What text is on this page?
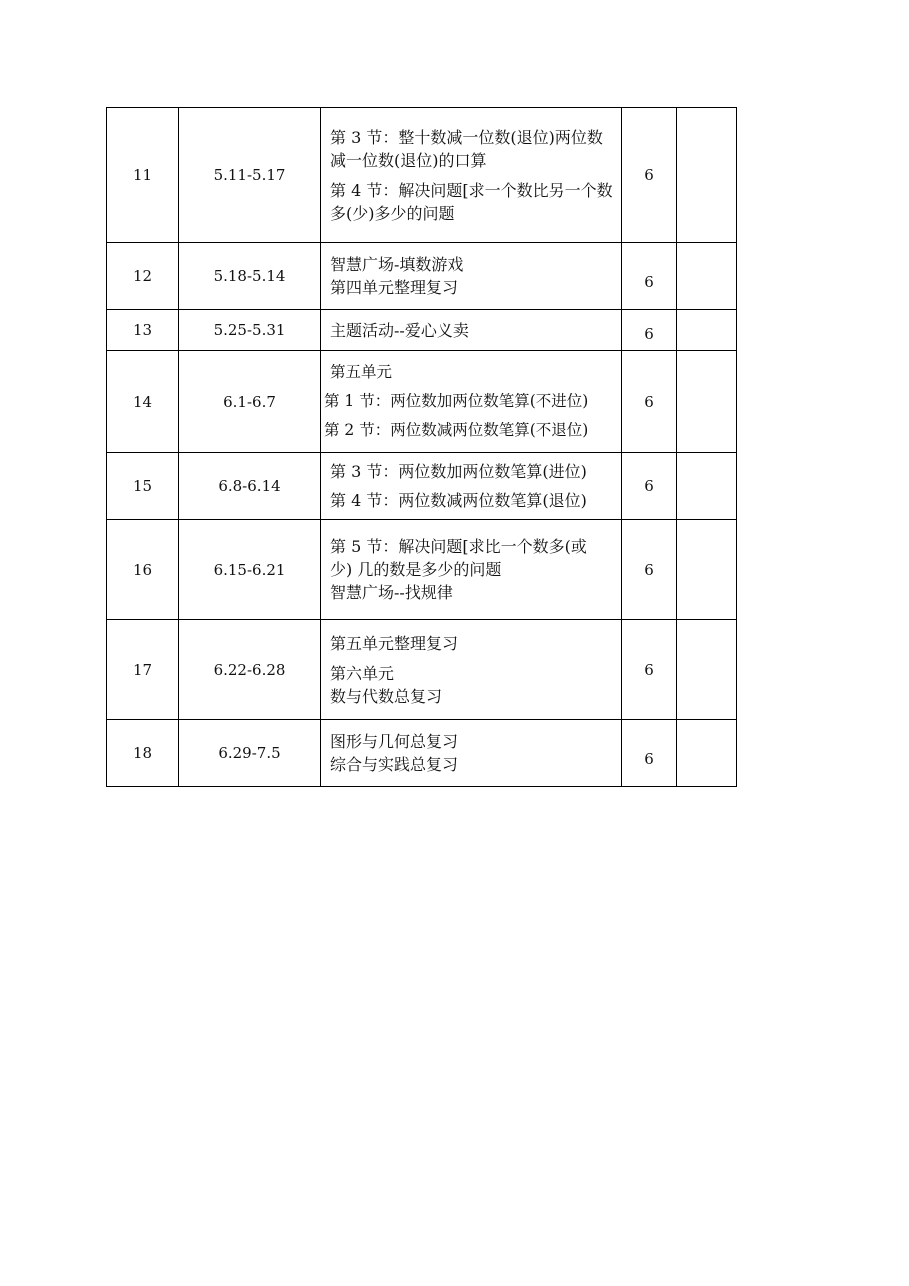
11	5.11-5.17	第 3 节：整十数减一位数(退位)两位数 减一位数(退位)的口算
第 4 节：解决问题[求一个数比另一个数 多(少)多少的问题	6	
12	5.18-5.14	智慧广场-填数游戏
第四单元整理复习	6	

13	5.25-5.31	主题活动--爱心义卖	6	

14	6.1-6.7	第五单元
第 1 节：两位数加两位数笔算(不进位)
第 2 节：两位数减两位数笔算(不退位)	6	
15	6.8-6.14	第 3 节：两位数加两位数笔算(进位)
第 4 节：两位数减两位数笔算(退位)	6	
16	6.15-6.21	第 5 节：解决问题[求比一个数多(或少) 几的数是多少的问题
智慧广场--找规律	6	
17	6.22-6.28	第五单元整理复习
第六单元
数与代数总复习	6	
18	6.29-7.5	图形与几何总复习
综合与实践总复习	6	
